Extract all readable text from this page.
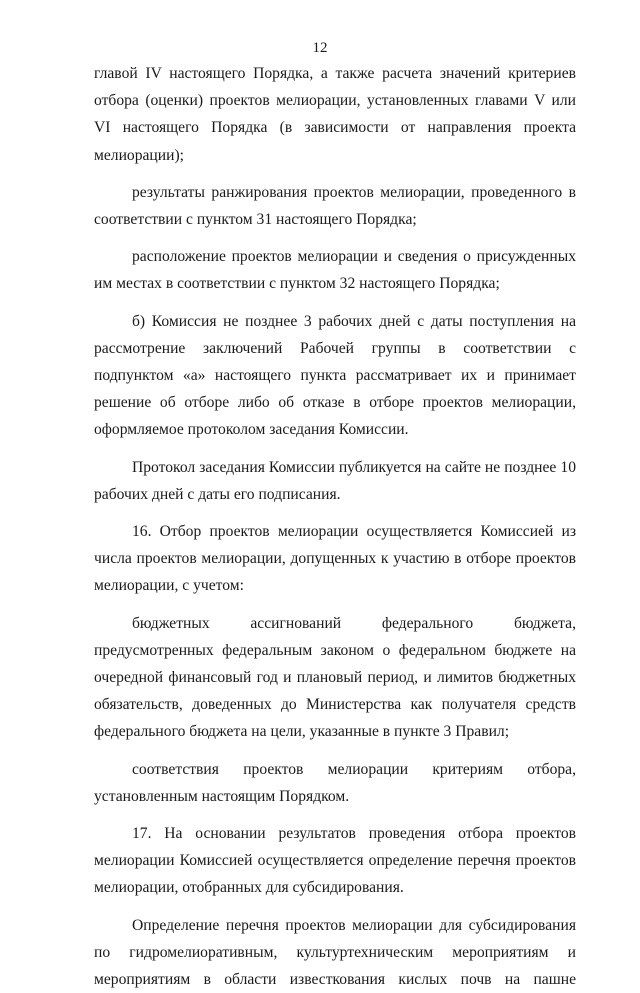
12

главой IV настоящего Порядка, а также расчета значений критериев отбора (оценки) проектов мелиорации, установленных главами V или VI настоящего Порядка (в зависимости от направления проекта мелиорации);

результаты ранжирования проектов мелиорации, проведенного в соответствии с пунктом 31 настоящего Порядка;

расположение проектов мелиорации и сведения о присужденных им местах в соответствии с пунктом 32 настоящего Порядка;

б) Комиссия не позднее 3 рабочих дней с даты поступления на рассмотрение заключений Рабочей группы в соответствии с подпунктом «а» настоящего пункта рассматривает их и принимает решение об отборе либо об отказе в отборе проектов мелиорации, оформляемое протоколом заседания Комиссии.

Протокол заседания Комиссии публикуется на сайте не позднее 10 рабочих дней с даты его подписания.

16. Отбор проектов мелиорации осуществляется Комиссией из числа проектов мелиорации, допущенных к участию в отборе проектов мелиорации, с учетом:

бюджетных ассигнований федерального бюджета, предусмотренных федеральным законом о федеральном бюджете на очередной финансовый год и плановый период, и лимитов бюджетных обязательств, доведенных до Министерства как получателя средств федерального бюджета на цели, указанные в пункте 3 Правил;

соответствия проектов мелиорации критериям отбора, установленным настоящим Порядком.

17. На основании результатов проведения отбора проектов мелиорации Комиссией осуществляется определение перечня проектов мелиорации, отобранных для субсидирования.

Определение перечня проектов мелиорации для субсидирования по гидромелиоративным, культуртехническим мероприятиям и мероприятиям в области известкования кислых почв на пашне
